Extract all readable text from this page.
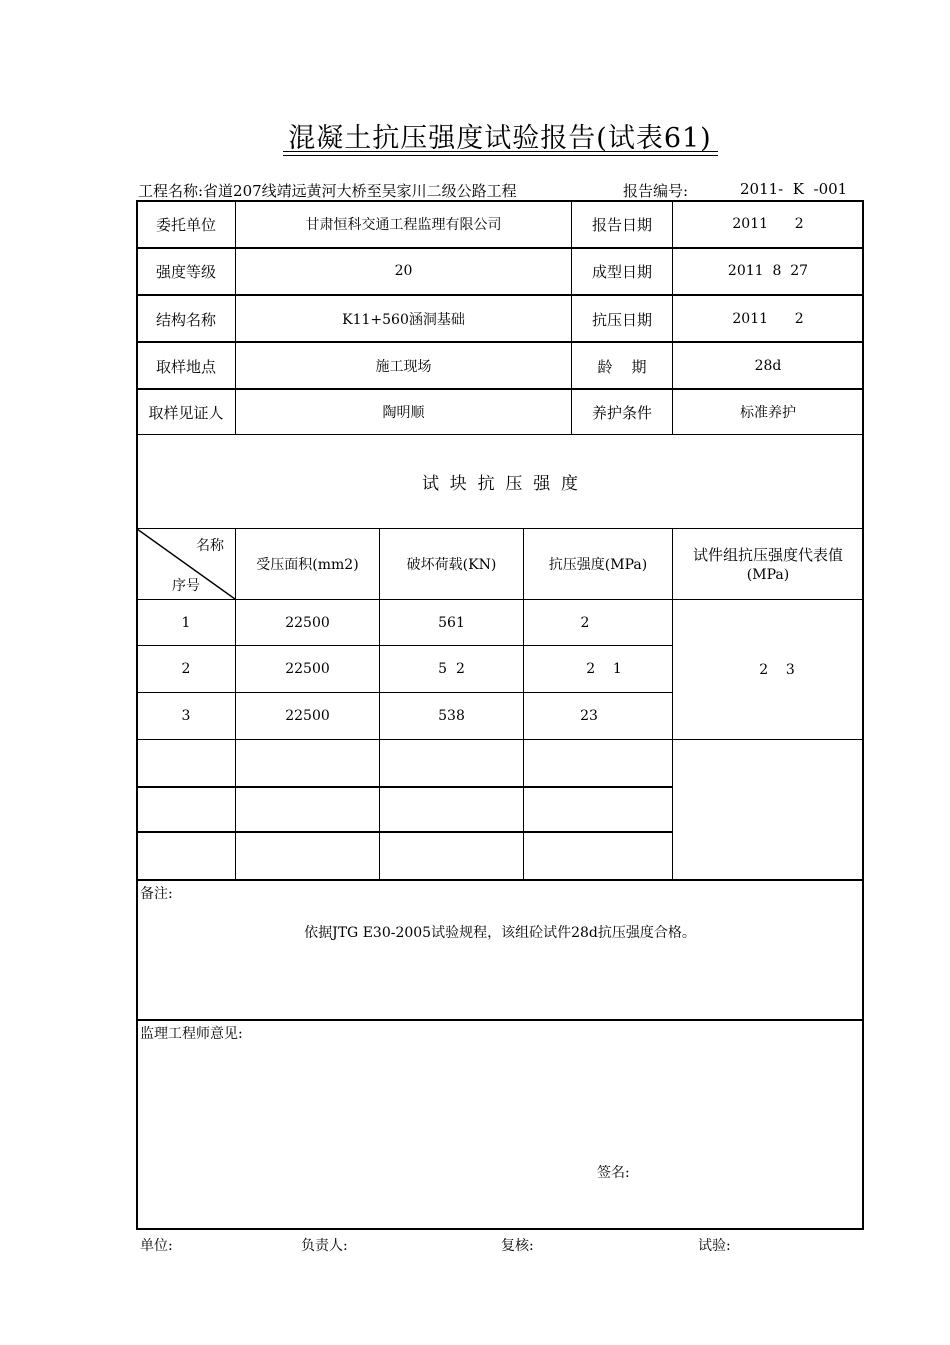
混凝土抗压强度试验报告(试表61)
工程名称:省道207线靖远黄河大桥至吴家川二级公路工程	报告编号:	2011-  K  -001
委托单位	甘肃恒科交通工程监理有限公司	报告日期	2011      2
强度等级	20	成型日期	2011  8  27
结构名称	K11+560涵洞基础	抗压日期	2011      2
取样地点	施工现场	龄    期	28d
取样见证人	陶明顺	养护条件	标准养护
试  块  抗  压  强  度
名称
序号
受压面积(mm2)	破坏荷载(KN)	抗压强度(MPa)
试件组抗压强度代表值
(MPa)
1	22500	561	2
2	22500	5  2	2    1
3	22500	538	23
2    3
备注:
依据JTG E30-2005试验规程，该组砼试件28d抗压强度合格。
监理工程师意见:
签名:
单位:	负责人:	复核:	试验:
